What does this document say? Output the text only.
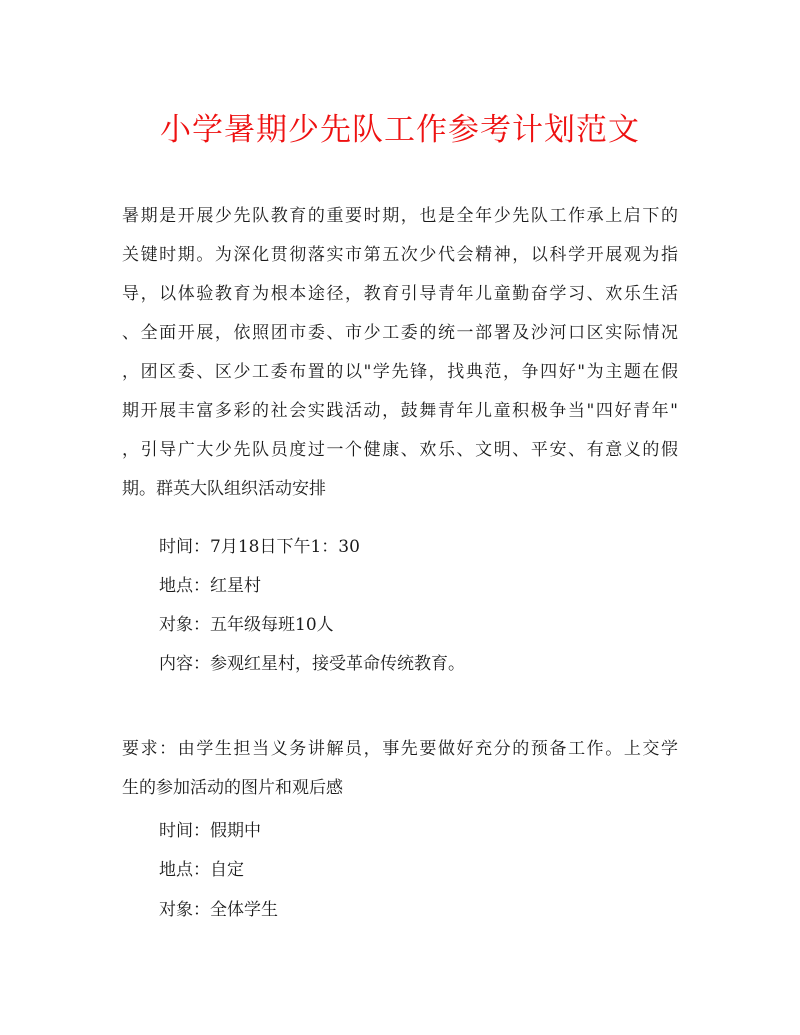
小学暑期少先队工作参考计划范文
暑期是开展少先队教育的重要时期，也是全年少先队工作承上启下的
关键时期。为深化贯彻落实市第五次少代会精神，以科学开展观为指
导，以体验教育为根本途径，教育引导青年儿童勤奋学习、欢乐生活
、全面开展，依照团市委、市少工委的统一部署及沙河口区实际情况
，团区委、区少工委布置的以"学先锋，找典范，争四好"为主题在假
期开展丰富多彩的社会实践活动，鼓舞青年儿童积极争当"四好青年"
，引导广大少先队员度过一个健康、欢乐、文明、平安、有意义的假
期。群英大队组织活动安排
时间：7月18日下午1：30
地点：红星村
对象：五年级每班10人
内容：参观红星村，接受革命传统教育。
要求：由学生担当义务讲解员，事先要做好充分的预备工作。上交学
生的参加活动的图片和观后感
时间：假期中
地点：自定
对象：全体学生
